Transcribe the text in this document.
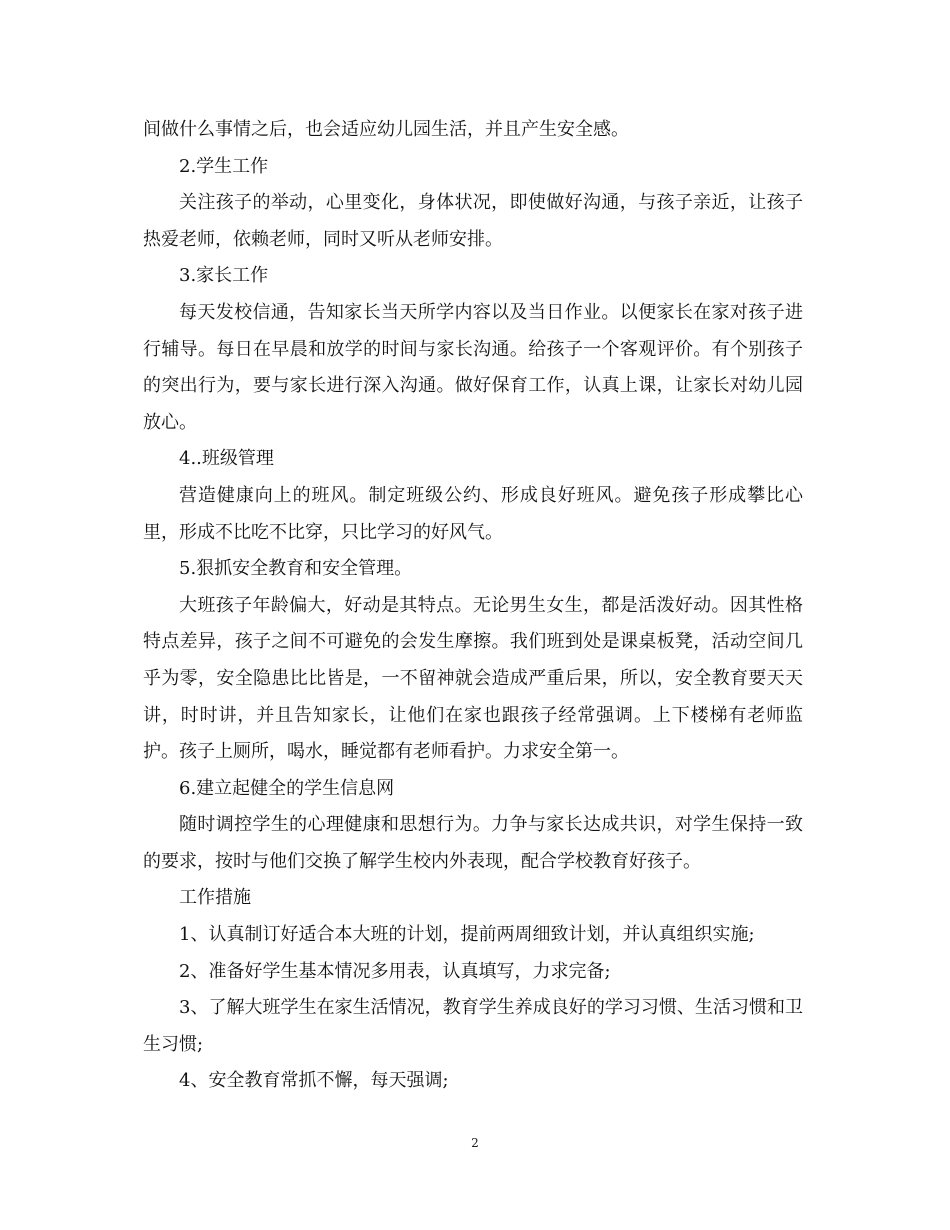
间做什么事情之后，也会适应幼儿园生活，并且产生安全感。

2.学生工作

关注孩子的举动，心里变化，身体状况，即使做好沟通，与孩子亲近，让孩子热爱老师，依赖老师，同时又听从老师安排。

3.家长工作

每天发校信通，告知家长当天所学内容以及当日作业。以便家长在家对孩子进行辅导。每日在早晨和放学的时间与家长沟通。给孩子一个客观评价。有个别孩子的突出行为，要与家长进行深入沟通。做好保育工作，认真上课，让家长对幼儿园放心。

4..班级管理

营造健康向上的班风。制定班级公约、形成良好班风。避免孩子形成攀比心里，形成不比吃不比穿，只比学习的好风气。

5.狠抓安全教育和安全管理。

大班孩子年龄偏大，好动是其特点。无论男生女生，都是活泼好动。因其性格特点差异，孩子之间不可避免的会发生摩擦。我们班到处是课桌板凳，活动空间几乎为零，安全隐患比比皆是，一不留神就会造成严重后果，所以，安全教育要天天讲，时时讲，并且告知家长，让他们在家也跟孩子经常强调。上下楼梯有老师监护。孩子上厕所，喝水，睡觉都有老师看护。力求安全第一。

6.建立起健全的学生信息网

随时调控学生的心理健康和思想行为。力争与家长达成共识，对学生保持一致的要求，按时与他们交换了解学生校内外表现，配合学校教育好孩子。

工作措施

1、认真制订好适合本大班的计划，提前两周细致计划，并认真组织实施;

2、准备好学生基本情况多用表，认真填写，力求完备;

3、了解大班学生在家生活情况，教育学生养成良好的学习习惯、生活习惯和卫生习惯;

4、安全教育常抓不懈，每天强调;

2
